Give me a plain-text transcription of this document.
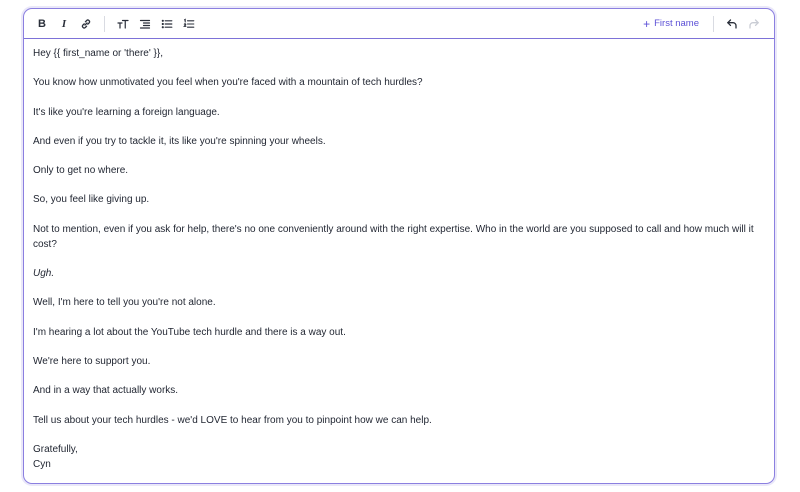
B I	+ First name

Hey {{ first_name or 'there' }},

You know how unmotivated you feel when you're faced with a mountain of tech hurdles?

It's like you're learning a foreign language.

And even if you try to tackle it, its like you're spinning your wheels.

Only to get no where.

So, you feel like giving up.

Not to mention, even if you ask for help, there's no one conveniently around with the right expertise. Who in the world are you supposed to call and how much will it cost?

Ugh.

Well, I'm here to tell you you're not alone.

I'm hearing a lot about the YouTube tech hurdle and there is a way out.

We're here to support you.

And in a way that actually works.

Tell us about your tech hurdles - we'd LOVE to hear from you to pinpoint how we can help.

Gratefully,

Cyn
